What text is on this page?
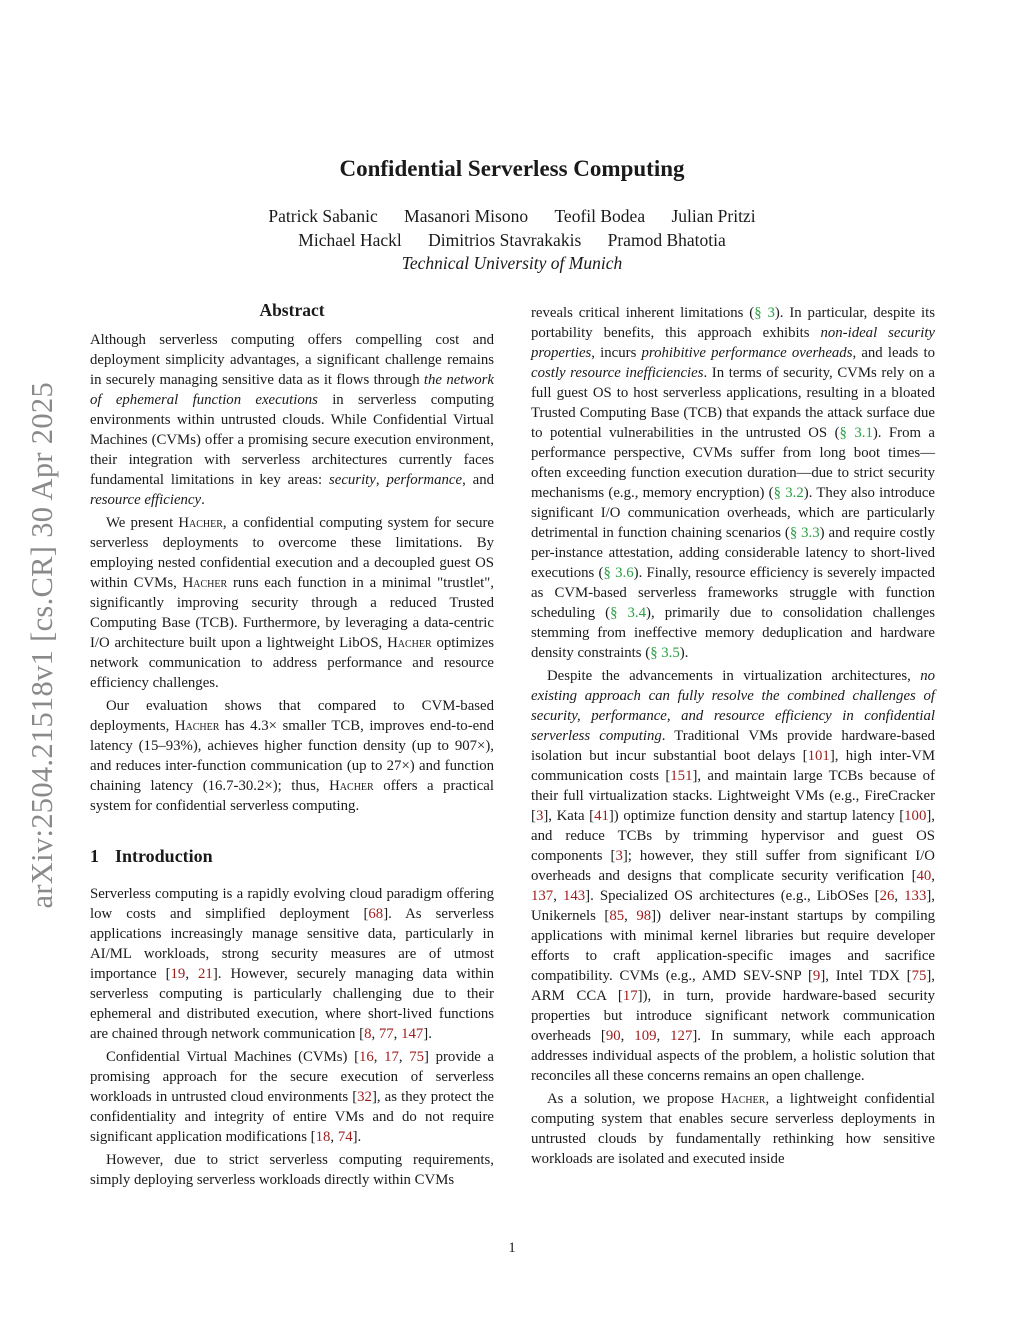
arXiv:2504.21518v1 [cs.CR] 30 Apr 2025
Confidential Serverless Computing
Patrick Sabanic Masanori Misono Teofil Bodea Julian Pritzi
Michael Hackl Dimitrios Stavrakakis Pramod Bhatotia
Technical University of Munich
Abstract

Although serverless computing offers compelling cost and deployment simplicity advantages, a significant challenge remains in securely managing sensitive data as it flows through the network of ephemeral function executions in serverless computing environments within untrusted clouds. While Confidential Virtual Machines (CVMs) offer a promising secure execution environment, their integration with serverless architectures currently faces fundamental limitations in key areas: security, performance, and resource efficiency.

We present Hacher, a confidential computing system for secure serverless deployments to overcome these limitations. By employing nested confidential execution and a decoupled guest OS within CVMs, Hacher runs each function in a minimal "trustlet", significantly improving security through a reduced Trusted Computing Base (TCB). Furthermore, by leveraging a data-centric I/O architecture built upon a lightweight LibOS, Hacher optimizes network communication to address performance and resource efficiency challenges.

Our evaluation shows that compared to CVM-based deployments, Hacher has 4.3× smaller TCB, improves end-to-end latency (15–93%), achieves higher function density (up to 907×), and reduces inter-function communication (up to 27×) and function chaining latency (16.7-30.2×); thus, Hacher offers a practical system for confidential serverless computing.

1 Introduction

Serverless computing is a rapidly evolving cloud paradigm offering low costs and simplified deployment [68]. As serverless applications increasingly manage sensitive data, particularly in AI/ML workloads, strong security measures are of utmost importance [19, 21]. However, securely managing data within serverless computing is particularly challenging due to their ephemeral and distributed execution, where short-lived functions are chained through network communication [8, 77, 147].

Confidential Virtual Machines (CVMs) [16, 17, 75] provide a promising approach for the secure execution of serverless workloads in untrusted cloud environments [32], as they protect the confidentiality and integrity of entire VMs and do not require significant application modifications [18, 74].

However, due to strict serverless computing requirements, simply deploying serverless workloads directly within CVMs

reveals critical inherent limitations (§ 3). In particular, despite its portability benefits, this approach exhibits non-ideal security properties, incurs prohibitive performance overheads, and leads to costly resource inefficiencies. In terms of security, CVMs rely on a full guest OS to host serverless applications, resulting in a bloated Trusted Computing Base (TCB) that expands the attack surface due to potential vulnerabilities in the untrusted OS (§ 3.1). From a performance perspective, CVMs suffer from long boot times—often exceeding function execution duration—due to strict security mechanisms (e.g., memory encryption) (§ 3.2). They also introduce significant I/O communication overheads, which are particularly detrimental in function chaining scenarios (§ 3.3) and require costly per-instance attestation, adding considerable latency to short-lived executions (§ 3.6). Finally, resource efficiency is severely impacted as CVM-based serverless frameworks struggle with function scheduling (§ 3.4), primarily due to consolidation challenges stemming from ineffective memory deduplication and hardware density constraints (§ 3.5).

Despite the advancements in virtualization architectures, no existing approach can fully resolve the combined challenges of security, performance, and resource efficiency in confidential serverless computing. Traditional VMs provide hardware-based isolation but incur substantial boot delays [101], high inter-VM communication costs [151], and maintain large TCBs because of their full virtualization stacks. Lightweight VMs (e.g., FireCracker [3], Kata [41]) optimize function density and startup latency [100], and reduce TCBs by trimming hypervisor and guest OS components [3]; however, they still suffer from significant I/O overheads and designs that complicate security verification [40, 137, 143]. Specialized OS architectures (e.g., LibOSes [26, 133], Unikernels [85, 98]) deliver near-instant startups by compiling applications with minimal kernel libraries but require developer efforts to craft application-specific images and sacrifice compatibility. CVMs (e.g., AMD SEV-SNP [9], Intel TDX [75], ARM CCA [17]), in turn, provide hardware-based security properties but introduce significant network communication overheads [90, 109, 127]. In summary, while each approach addresses individual aspects of the problem, a holistic solution that reconciles all these concerns remains an open challenge.

As a solution, we propose Hacher, a lightweight confidential computing system that enables secure serverless deployments in untrusted clouds by fundamentally rethinking how sensitive workloads are isolated and executed inside

1
